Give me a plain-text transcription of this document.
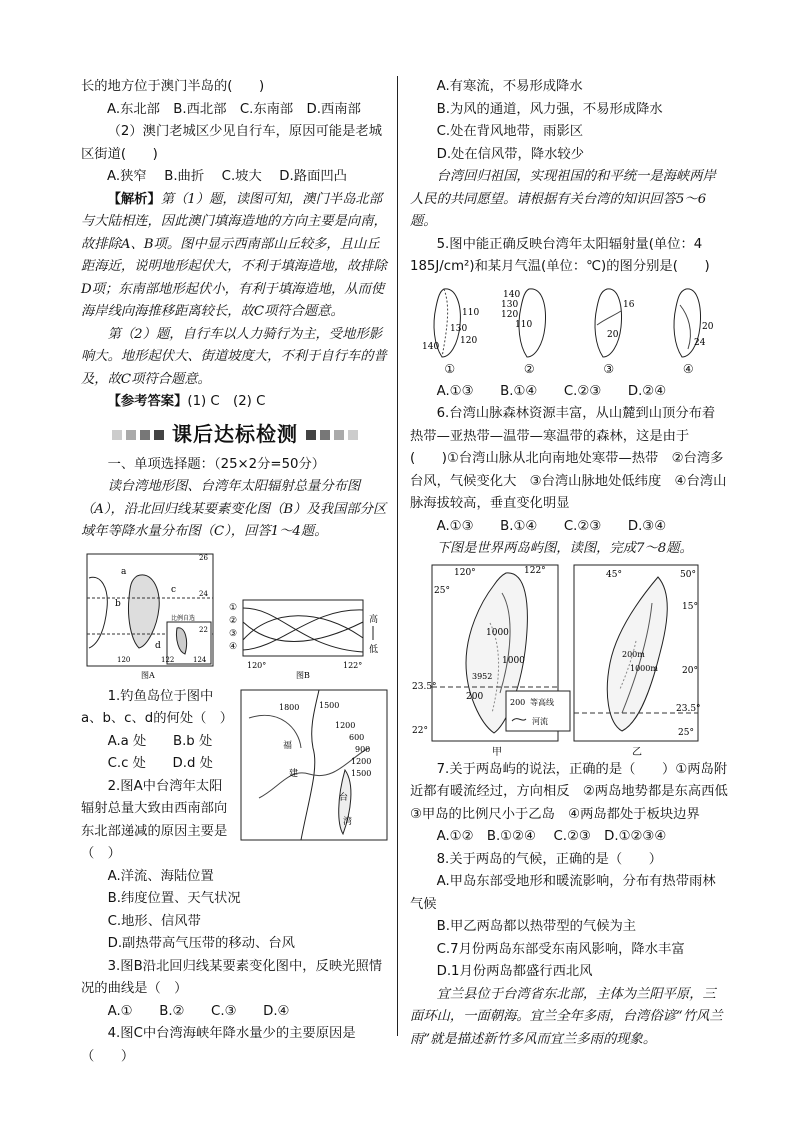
长的地方位于澳门半岛的(　　)

A.东北部　B.西北部　C.东南部　D.西南部

（2）澳门老城区少见自行车，原因可能是老城区街道(　　)

A.狭窄　 B.曲折　 C.坡大　 D.路面凹凸

【解析】第（1）题，读图可知，澳门半岛北部与大陆相连，因此澳门填海造地的方向主要是向南，故排除A、B项。图中显示西南部山丘较多，且山丘距海近，说明地形起伏大，不利于填海造地，故排除D项；东南部地形起伏小，有利于填海造地，从而使海岸线向海推移距离较长，故C项符合题意。

第（2）题，自行车以人力骑行为主，受地形影响大。地形起伏大、街道坡度大，不利于自行车的普及，故C项符合题意。

【参考答案】(1) C　(2) C

课后达标检测

一、单项选择题：（25×2分=50分）

读台湾地形图、台湾年太阳辐射总量分布图（A），沿北回归线某要素变化图（B）及我国部分区域年等降水量分布图（C），回答1～4题。

a
b
c
d
比例自选
26
24
22
120	122	124
图A
①
②
③
④
高
低
120°	122°
图B
1800 1500
1200
600
900
1200
1500
福
建
台
湾

1.钓鱼岛位于图中a、b、c、d的何处（　）

A.a 处　　B.b 处

C.c 处　　D.d 处

2.图A中台湾年太阳辐射总量大致由西南部向东北部递减的原因主要是（　）

A.洋流、海陆位置

B.纬度位置、天气状况

C.地形、信风带

D.副热带高气压带的移动、台风

3.图B沿北回归线某要素变化图中，反映光照情况的曲线是（　）

A.①　　B.②　　C.③　　D.④

4.图C中台湾海峡年降水量少的主要原因是（　　）

A.有寒流，不易形成降水

B.为风的通道，风力强，不易形成降水

C.处在背风地带，雨影区

D.处在信风带，降水较少

台湾回归祖国，实现祖国的和平统一是海峡两岸人民的共同愿望。请根据有关台湾的知识回答5～6题。

5.图中能正确反映台湾年太阳辐射量(单位：4 185J/cm²)和某月气温(单位：℃)的图分别是(　　)

110
120
130
140
140
130
120
110
16
20
20
24
①	②	③	④

A.①③　　B.①④　　C.②③　　D.②④

6.台湾山脉森林资源丰富，从山麓到山顶分布着热带—亚热带—温带—寒温带的森林，这是由于(　　)①台湾山脉从北向南地处寒带—热带　②台湾多台风，气候变化大　③台湾山脉地处低纬度　④台湾山脉海拔较高，垂直变化明显

A.①③　　B.①④　　C.②③　　D.③④

下图是世界两岛屿图，读图，完成7～8题。

120°	122°
25°
23.5°
22°
1000
1000
3952
200
甲
200 等高线
河流
45°	50°
15°
20°
23.5°
25°
200m
1000m
乙

7.关于两岛屿的说法，正确的是（　　）①两岛附近都有暖流经过，方向相反　②两岛地势都是东高西低　③甲岛的比例尺小于乙岛　④两岛都处于板块边界

A.①②　B.①②④　 C.②③　D.①②③④

8.关于两岛的气候，正确的是（　　）

A.甲岛东部受地形和暖流影响，分布有热带雨林气候

B.甲乙两岛都以热带型的气候为主

C.7月份两岛东部受东南风影响，降水丰富

D.1月份两岛都盛行西北风

宜兰县位于台湾省东北部，主体为兰阳平原，三面环山，一面朝海。宜兰全年多雨，台湾俗谚“竹风兰雨”就是描述新竹多风而宜兰多雨的现象。
